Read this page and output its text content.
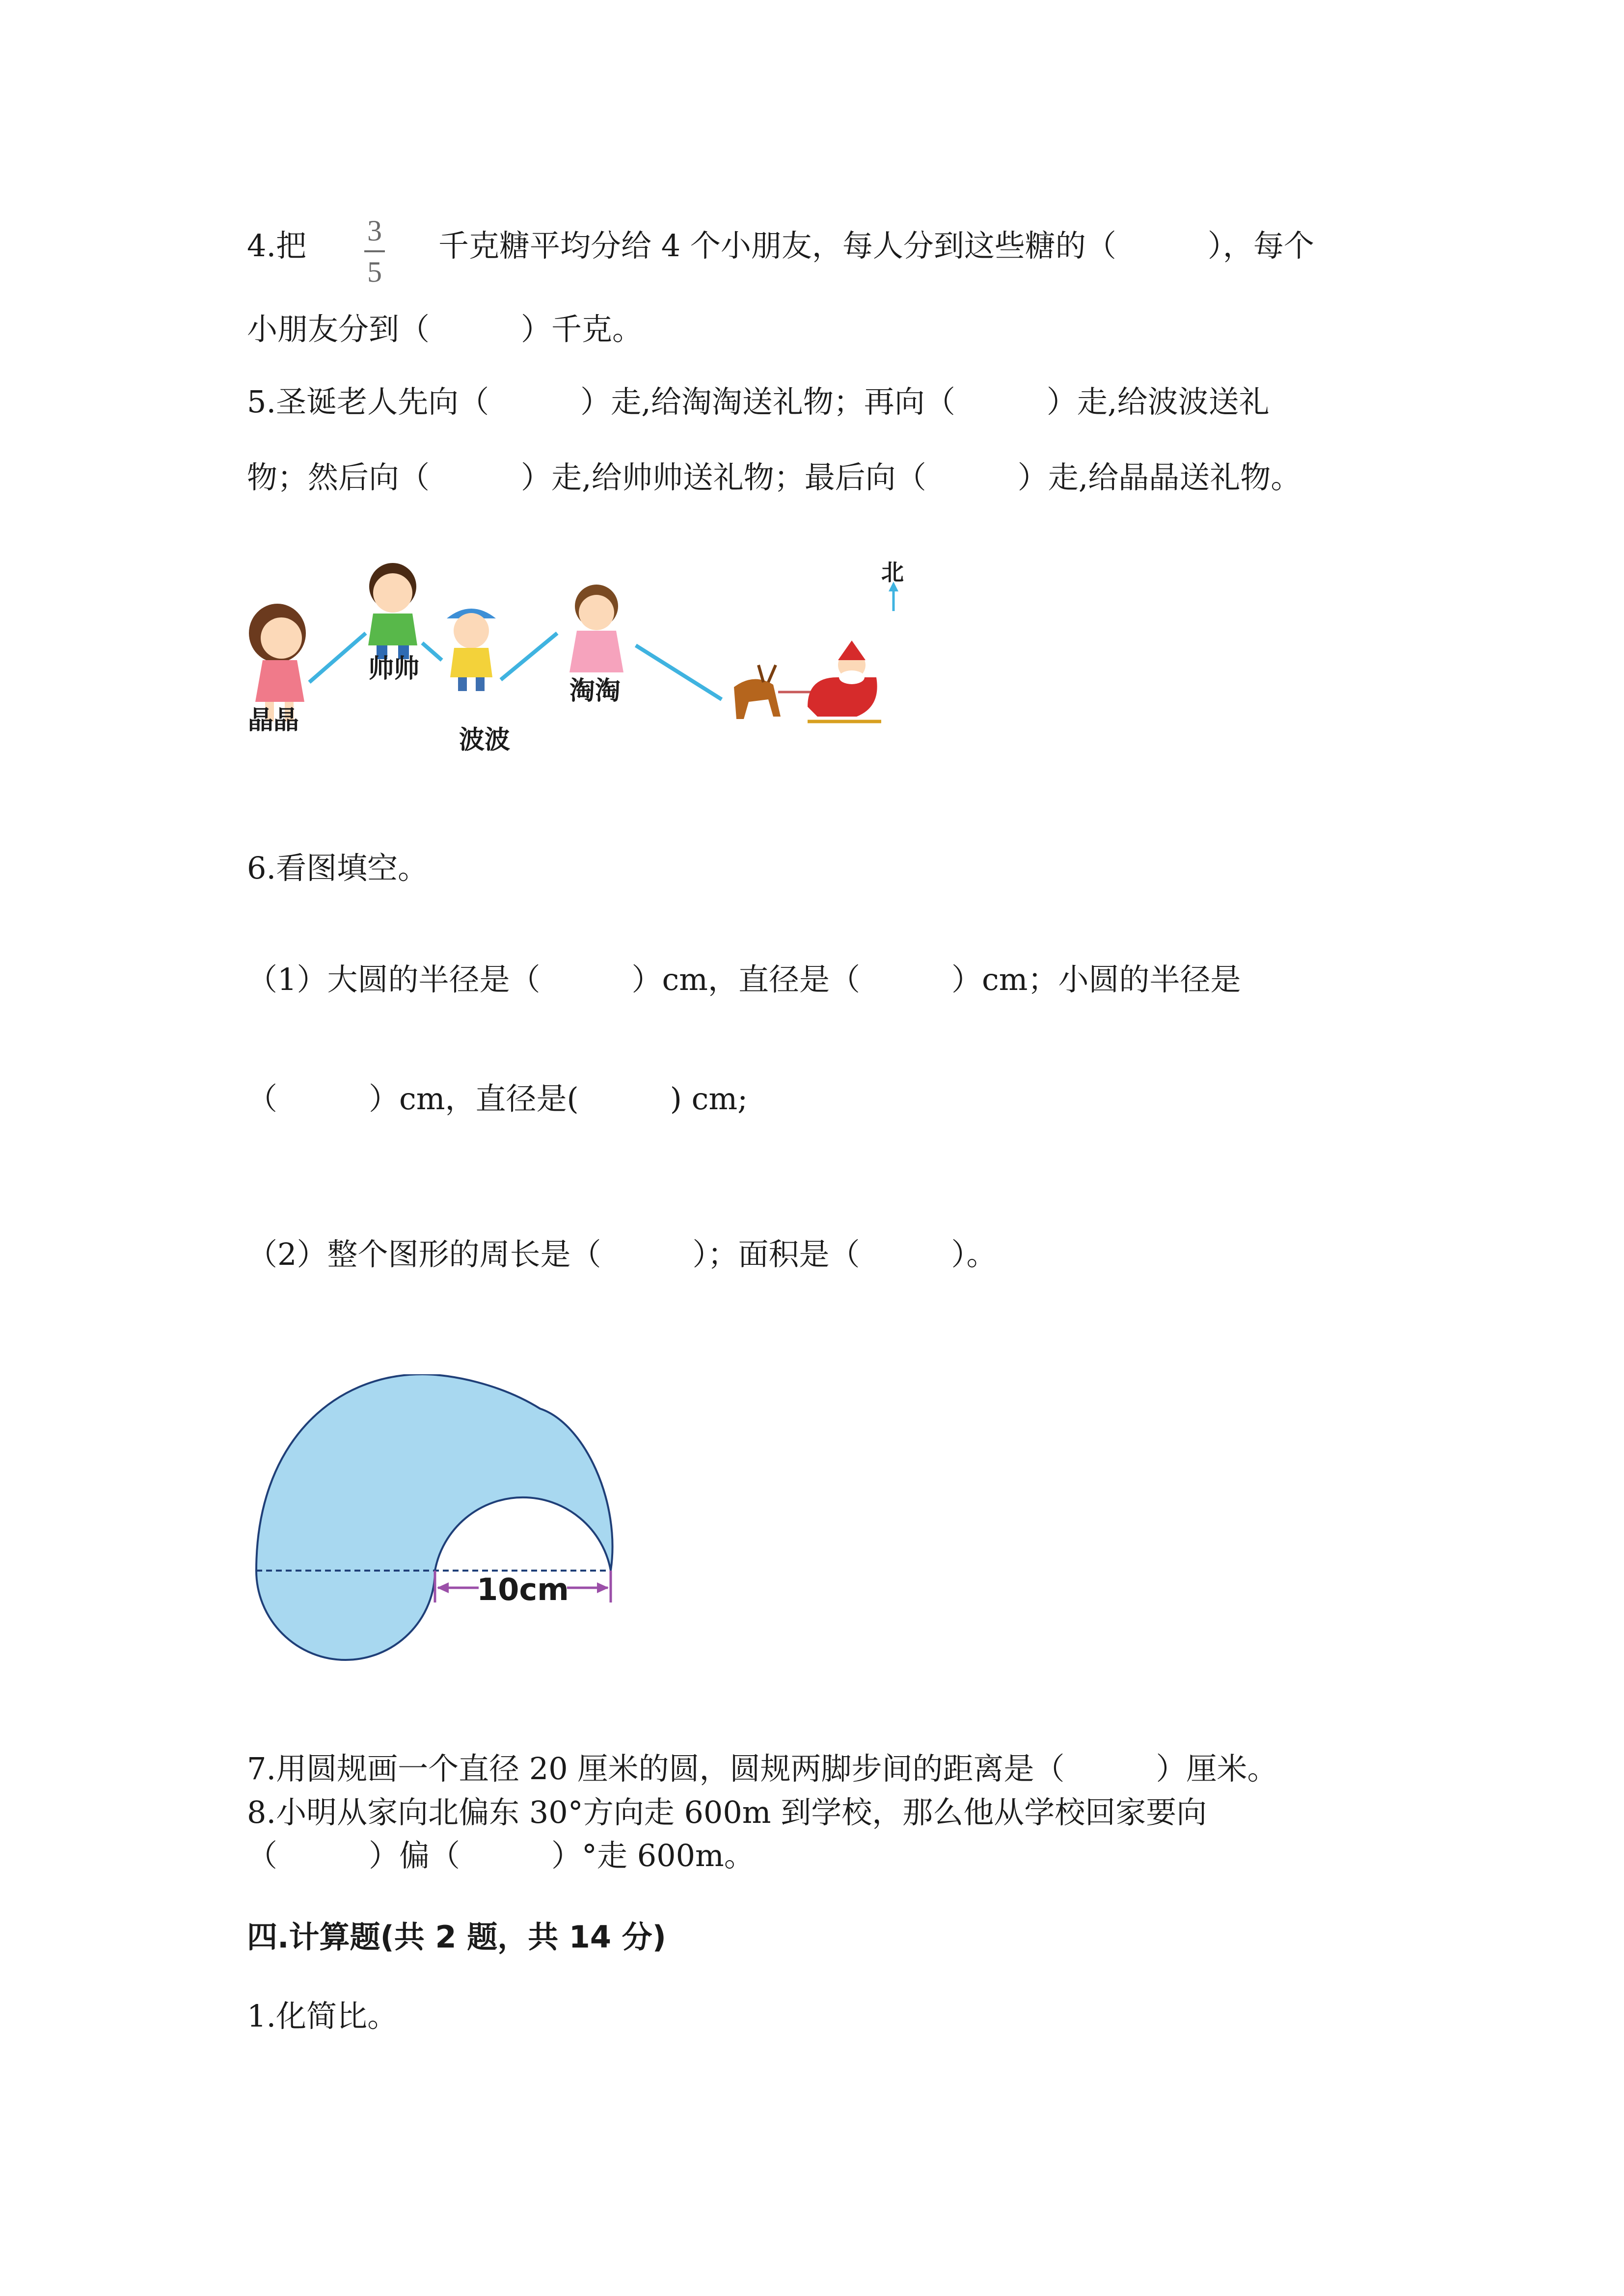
4.把 3
5
千克糖平均分给 4 个小朋友，每人分到这些糖的（　　　），每个
小朋友分到（　　　）千克。
5.圣诞老人先向（　　　）走,给淘淘送礼物；再向（　　　）走,给波波送礼
物；然后向（　　　）走,给帅帅送礼物；最后向（　　　）走,给晶晶送礼物。
晶晶
帅帅
波波
淘淘
北
6.看图填空。
（1）大圆的半径是（　　　）cm，直径是（　　　）cm；小圆的半径是
（　　　）cm，直径是(　　　) cm;
（2）整个图形的周长是（　　　）；面积是（　　　）。
10cm
7.用圆规画一个直径 20 厘米的圆，圆规两脚步间的距离是（　　　）厘米。
8.小明从家向北偏东 30°方向走 600m 到学校，那么他从学校回家要向
（　　　）偏（　　　）°走 600m。
四.计算题(共 2 题，共 14 分)
1.化简比。
